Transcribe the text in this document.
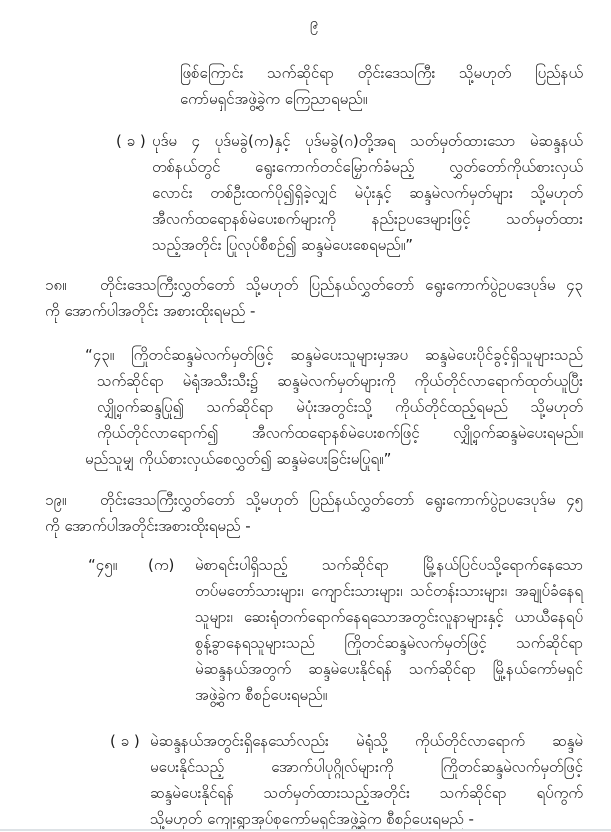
၉
ဖြစ်ကြောင်း သက်ဆိုင်ရာ တိုင်းဒေသကြီး သို့မဟုတ် ပြည်နယ်
ကော်မရှင်အဖွဲ့ခွဲက ကြေညာရမည်။
( ခ ) ပုဒ်မ ၄ ပုဒ်မခွဲ(က)နှင့် ပုဒ်မခွဲ(ဂ)တို့အရ သတ်မှတ်ထားသော မဲဆန္ဒနယ်
တစ်နယ်တွင် ရွေးကောက်တင်မြှောက်ခံမည့် လွှတ်တော်ကိုယ်စားလှယ်
လောင်း တစ်ဦးထက်ပို၍ရှိခဲ့လျှင် မဲပုံးနှင့် ဆန္ဒမဲလက်မှတ်များ သို့မဟုတ်
အီလက်ထရောနစ်မဲပေးစက်များကို နည်းဥပဒေများဖြင့် သတ်မှတ်ထား
သည့်အတိုင်း ပြုလုပ်စီစဉ်၍ ဆန္ဒမဲပေးစေရမည်။”
၁၈။ တိုင်းဒေသကြီးလွှတ်တော် သို့မဟုတ် ပြည်နယ်လွှတ်တော် ရွေးကောက်ပွဲဥပဒေပုဒ်မ ၄၃
ကို အောက်ပါအတိုင်း အစားထိုးရမည် -
“၄၃။ ကြိုတင်ဆန္ဒမဲလက်မှတ်ဖြင့် ဆန္ဒမဲပေးသူများမှအပ ဆန္ဒမဲပေးပိုင်ခွင့်ရှိသူများသည်
သက်ဆိုင်ရာ မဲရုံအသီးသီး၌ ဆန္ဒမဲလက်မှတ်များကို ကိုယ်တိုင်လာရောက်ထုတ်ယူပြီး
လျှို့ဝှက်ဆန္ဒပြု၍ သက်ဆိုင်ရာ မဲပုံးအတွင်းသို့ ကိုယ်တိုင်ထည့်ရမည် သို့မဟုတ်
ကိုယ်တိုင်လာရောက်၍ အီလက်ထရောနစ်မဲပေးစက်ဖြင့် လျှို့ဝှက်ဆန္ဒမဲပေးရမည်။
မည်သူမျှ ကိုယ်စားလှယ်စေလွှတ်၍ ဆန္ဒမဲပေးခြင်းမပြုရ။”
၁၉။ တိုင်းဒေသကြီးလွှတ်တော် သို့မဟုတ် ပြည်နယ်လွှတ်တော် ရွေးကောက်ပွဲဥပဒေပုဒ်မ ၄၅
ကို အောက်ပါအတိုင်းအစားထိုးရမည် -
“၄၅။ (က) မဲစာရင်းပါရှိသည့် သက်ဆိုင်ရာ မြို့နယ်ပြင်ပသို့ရောက်နေသော
တပ်မတော်သားများ၊ ကျောင်းသားများ၊ သင်တန်းသားများ၊ အချုပ်ခံနေရ
သူများ၊ ဆေးရုံတက်ရောက်နေရသောအတွင်းလူနာများနှင့် ယာယီနေရပ်
စွန့်ခွာနေရသူများသည် ကြိုတင်ဆန္ဒမဲလက်မှတ်ဖြင့် သက်ဆိုင်ရာ
မဲဆန္ဒနယ်အတွက် ဆန္ဒမဲပေးနိုင်ရန် သက်ဆိုင်ရာ မြို့နယ်ကော်မရှင်
အဖွဲ့ခွဲက စီစဉ်ပေးရမည်။
( ခ ) မဲဆန္ဒနယ်အတွင်းရှိနေသော်လည်း မဲရုံသို့ ကိုယ်တိုင်လာရောက် ဆန္ဒမဲ
မပေးနိုင်သည့် အောက်ပါပုဂ္ဂိုလ်များကို ကြိုတင်ဆန္ဒမဲလက်မှတ်ဖြင့်
ဆန္ဒမဲပေးနိုင်ရန် သတ်မှတ်ထားသည့်အတိုင်း သက်ဆိုင်ရာ ရပ်ကွက်
သို့မဟုတ် ကျေးရွာအုပ်စုကော်မရှင်အဖွဲ့ခွဲက စီစဉ်ပေးရမည် -
